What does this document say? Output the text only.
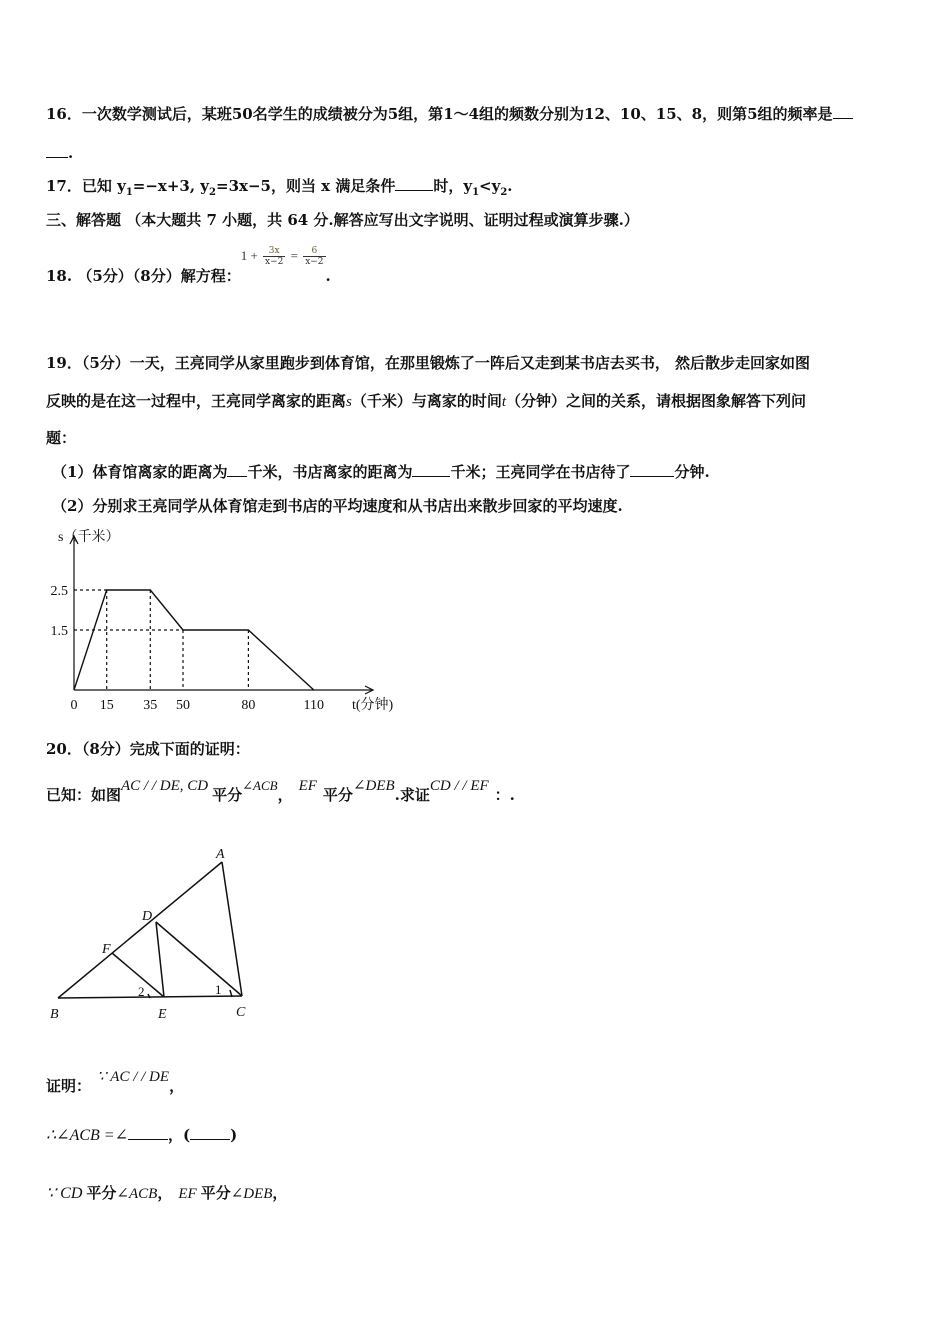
16．一次数学测试后，某班50名学生的成绩被分为5组，第1～4组的频数分别为12、10、15、8，则第5组的频率是
.
17．已知 $y_1=-x+3$, $y_2=3x-5$，则当 x 满足条件	时，$y_1<y_2$.
三、解答题 （本大题共 7 小题，共 64 分.解答应写出文字说明、证明过程或演算步骤.）
18. （5分）（8分）解方程：$1 + \frac{3x}{x-2} = \frac{6}{x-2}$
.
19．（5分）一天，王亮同学从家里跑步到体育馆，在那里锻炼了一阵后又走到某书店去买书， 然后散步走回家如图
反映的是在这一过程中，王亮同学离家的距离s（千米）与离家的时间t（分钟）之间的关系，请根据图象解答下列问
题：
（1）体育馆离家的距离为 千米，书店离家的距离为	千米；王亮同学在书店待了	分钟.
（2）分别求王亮同学从体育馆走到书店的平均速度和从书店出来散步回家的平均速度.
0 15 35 50	80	110
2.5
1.5
s（千米）
t(分钟)
20．（8分）完成下面的证明：
已知：如图AC / / DE, CD 平分∠ACB， EF 平分∠DEB.求证CD / / EF ：.
A
D
F
B	E	C
1
2
证明： ∵ AC / / DE，
∴∠ACB =∠	，(	)
∵ CD 平分∠ACB， EF 平分∠DEB，
